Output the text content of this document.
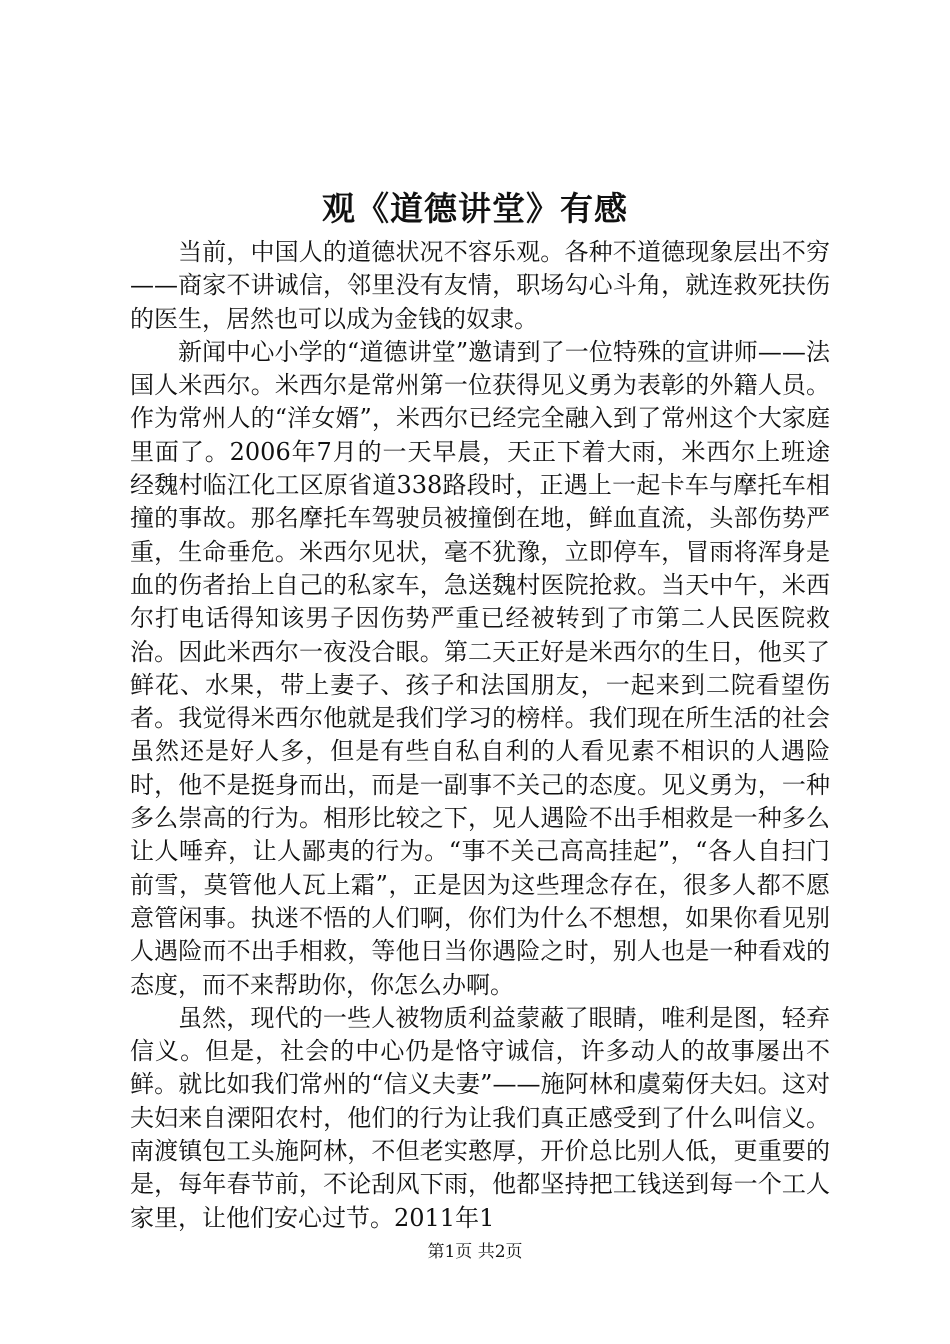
观《道德讲堂》有感

当前，中国人的道德状况不容乐观。各种不道德现象层出不穷——商家不讲诚信，邻里没有友情，职场勾心斗角，就连救死扶伤的医生，居然也可以成为金钱的奴隶。

新闻中心小学的“道德讲堂”邀请到了一位特殊的宣讲师——法国人米西尔。米西尔是常州第一位获得见义勇为表彰的外籍人员。作为常州人的“洋女婿”，米西尔已经完全融入到了常州这个大家庭里面了。2006年7月的一天早晨，天正下着大雨，米西尔上班途经魏村临江化工区原省道338路段时，正遇上一起卡车与摩托车相撞的事故。那名摩托车驾驶员被撞倒在地，鲜血直流，头部伤势严重，生命垂危。米西尔见状，毫不犹豫，立即停车，冒雨将浑身是血的伤者抬上自己的私家车，急送魏村医院抢救。当天中午，米西尔打电话得知该男子因伤势严重已经被转到了市第二人民医院救治。因此米西尔一夜没合眼。第二天正好是米西尔的生日，他买了鲜花、水果，带上妻子、孩子和法国朋友，一起来到二院看望伤者。我觉得米西尔他就是我们学习的榜样。我们现在所生活的社会虽然还是好人多，但是有些自私自利的人看见素不相识的人遇险时，他不是挺身而出，而是一副事不关己的态度。见义勇为，一种多么崇高的行为。相形比较之下，见人遇险不出手相救是一种多么让人唾弃，让人鄙夷的行为。“事不关己高高挂起”，“各人自扫门前雪，莫管他人瓦上霜”，正是因为这些理念存在，很多人都不愿意管闲事。执迷不悟的人们啊，你们为什么不想想，如果你看见别人遇险而不出手相救，等他日当你遇险之时，别人也是一种看戏的态度，而不来帮助你，你怎么办啊。

虽然，现代的一些人被物质利益蒙蔽了眼睛，唯利是图，轻弃信义。但是，社会的中心仍是恪守诚信，许多动人的故事屡出不鲜。就比如我们常州的“信义夫妻”——施阿林和虞菊伢夫妇。这对夫妇来自溧阳农村，他们的行为让我们真正感受到了什么叫信义。南渡镇包工头施阿林，不但老实憨厚，开价总比别人低，更重要的是，每年春节前，不论刮风下雨，他都坚持把工钱送到每一个工人家里，让他们安心过节。2011年1

第1页 共2页
